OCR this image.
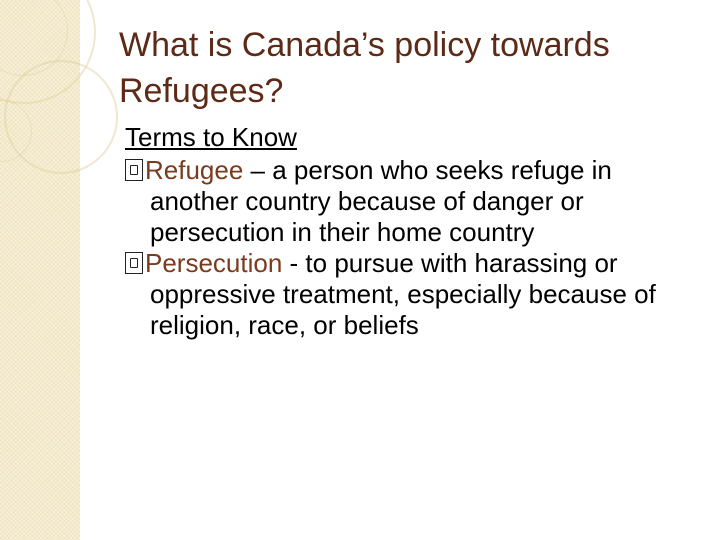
What is Canada’s policy towards Refugees?
Terms to Know
Refugee – a person who seeks refuge in another country because of danger or persecution in their home country
Persecution - to pursue with harassing or oppressive treatment, especially because of religion, race, or beliefs
